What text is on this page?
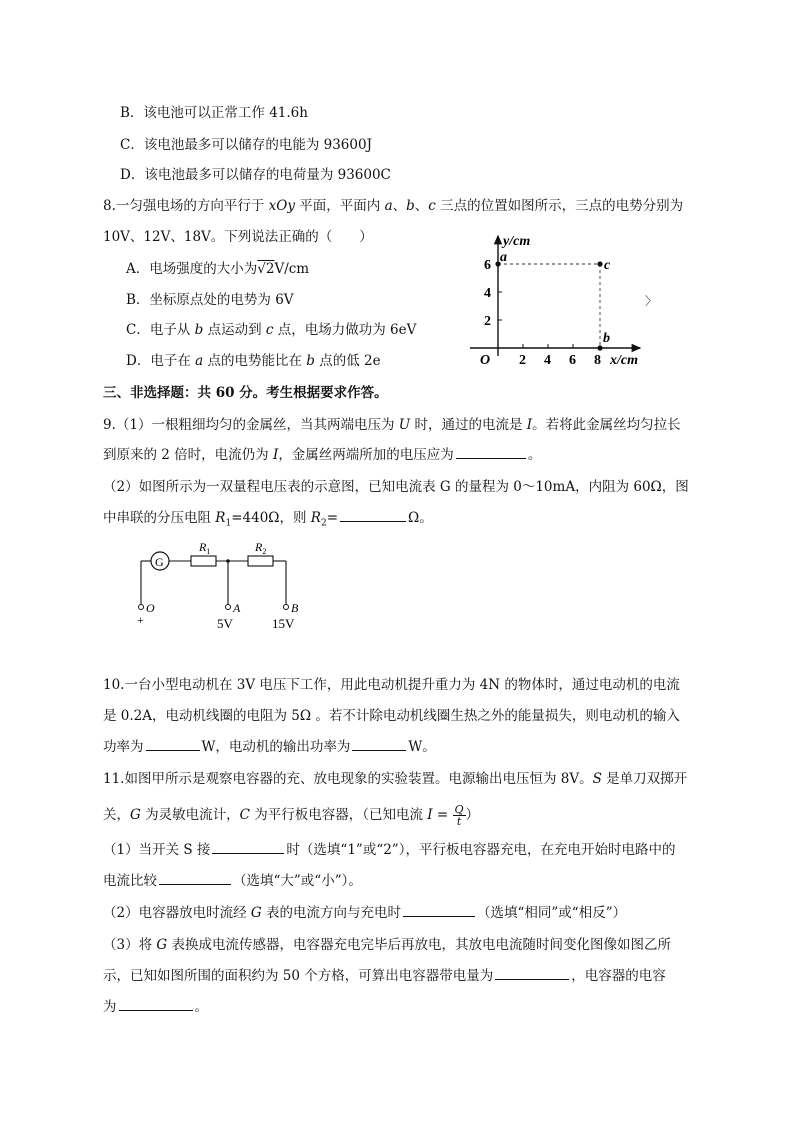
B．该电池可以正常工作 41.6h
C．该电池最多可以储存的电能为 93600J
D．该电池最多可以储存的电荷量为 93600C
8.一匀强电场的方向平行于 xOy 平面，平面内 a、b、c 三点的位置如图所示，三点的电势分别为
10V、12V、18V。下列说法正确的（　　）
A．电场强度的大小为√2V/cm
B．坐标原点处的电势为 6V
C．电子从 b 点运动到 c 点，电场力做功为 6eV
D．电子在 a 点的电势能比在 b 点的低 2e
y/cm
x/cm
O
6
4
2
2 4 6 8
a
c
b
〉
三、非选择题：共 60 分。考生根据要求作答。
9.（1）一根粗细均匀的金属丝，当其两端电压为 U 时，通过的电流是 I。若将此金属丝均匀拉长
到原来的 2 倍时，电流仍为 I，金属丝两端所加的电压应为	。
（2）如图所示为一双量程电压表的示意图，已知电流表 G 的量程为 0～10mA，内阻为 60Ω，图
中串联的分压电阻 $R_1=440\Omega$，则 $R_2=$	Ω。
G
$R_1$	$R_2$
O	A	B
+	5V	15V
10.一台小型电动机在 3V 电压下工作，用此电动机提升重力为 4N 的物体时，通过电动机的电流
是 0.2A，电动机线圈的电阻为 5Ω 。若不计除电动机线圈生热之外的能量损失，则电动机的输入
功率为	W，电动机的输出功率为	W。
11.如图甲所示是观察电容器的充、放电现象的实验装置。电源输出电压恒为 8V。S 是单刀双掷开
关，G 为灵敏电流计，C 为平行板电容器，（已知电流 $I = \frac{Q}{t}$ ）
（1）当开关 S 接	时（选填“1”或“2”），平行板电容器充电，在充电开始时电路中的
电流比较	（选填“大”或“小”）。
（2）电容器放电时流经 G 表的电流方向与充电时	（选填“相同”或“相反”）
（3）将 G 表换成电流传感器，电容器充电完毕后再放电，其放电电流随时间变化图像如图乙所
示，已知如图所围的面积约为 50 个方格，可算出电容器带电量为	，电容器的电容
为	。
